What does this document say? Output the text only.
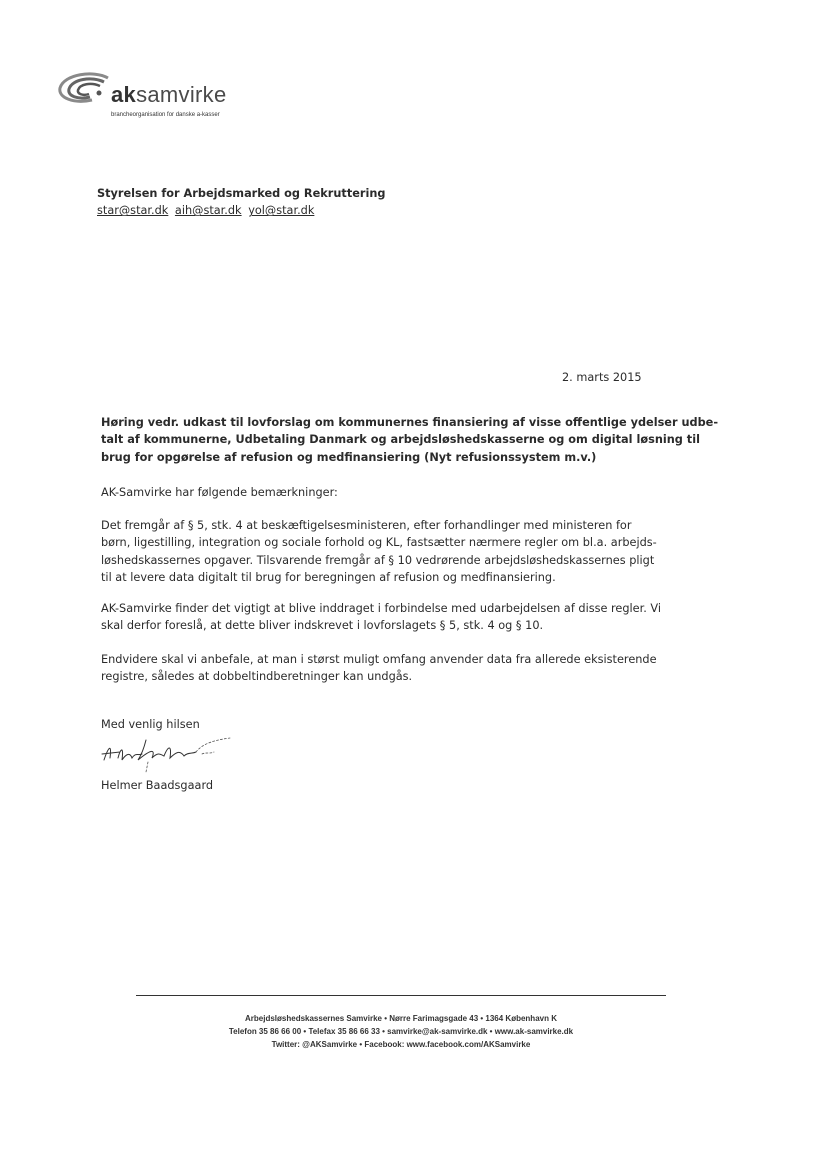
aksamvirke
brancheorganisation for danske a-kasser
Styrelsen for Arbejdsmarked og Rekruttering
star@star.dk aih@star.dk yol@star.dk
2. marts 2015
Høring vedr. udkast til lovforslag om kommunernes finansiering af visse offentlige ydelser udbe-
talt af kommunerne, Udbetaling Danmark og arbejdsløshedskasserne og om digital løsning til
brug for opgørelse af refusion og medfinansiering (Nyt refusionssystem m.v.)
AK-Samvirke har følgende bemærkninger:
Det fremgår af § 5, stk. 4 at beskæftigelsesministeren, efter forhandlinger med ministeren for
børn, ligestilling, integration og sociale forhold og KL, fastsætter nærmere regler om bl.a. arbejds-
løshedskassernes opgaver. Tilsvarende fremgår af § 10 vedrørende arbejdsløshedskassernes pligt
til at levere data digitalt til brug for beregningen af refusion og medfinansiering.
AK-Samvirke finder det vigtigt at blive inddraget i forbindelse med udarbejdelsen af disse regler. Vi
skal derfor foreslå, at dette bliver indskrevet i lovforslagets § 5, stk. 4 og § 10.
Endvidere skal vi anbefale, at man i størst muligt omfang anvender data fra allerede eksisterende
registre, således at dobbeltindberetninger kan undgås.
Med venlig hilsen
Helmer Baadsgaard
Arbejdsløshedskassernes Samvirke • Nørre Farimagsgade 43 • 1364 København K
Telefon 35 86 66 00 • Telefax 35 86 66 33 • samvirke@ak-samvirke.dk • www.ak-samvirke.dk
Twitter: @AKSamvirke • Facebook: www.facebook.com/AKSamvirke
